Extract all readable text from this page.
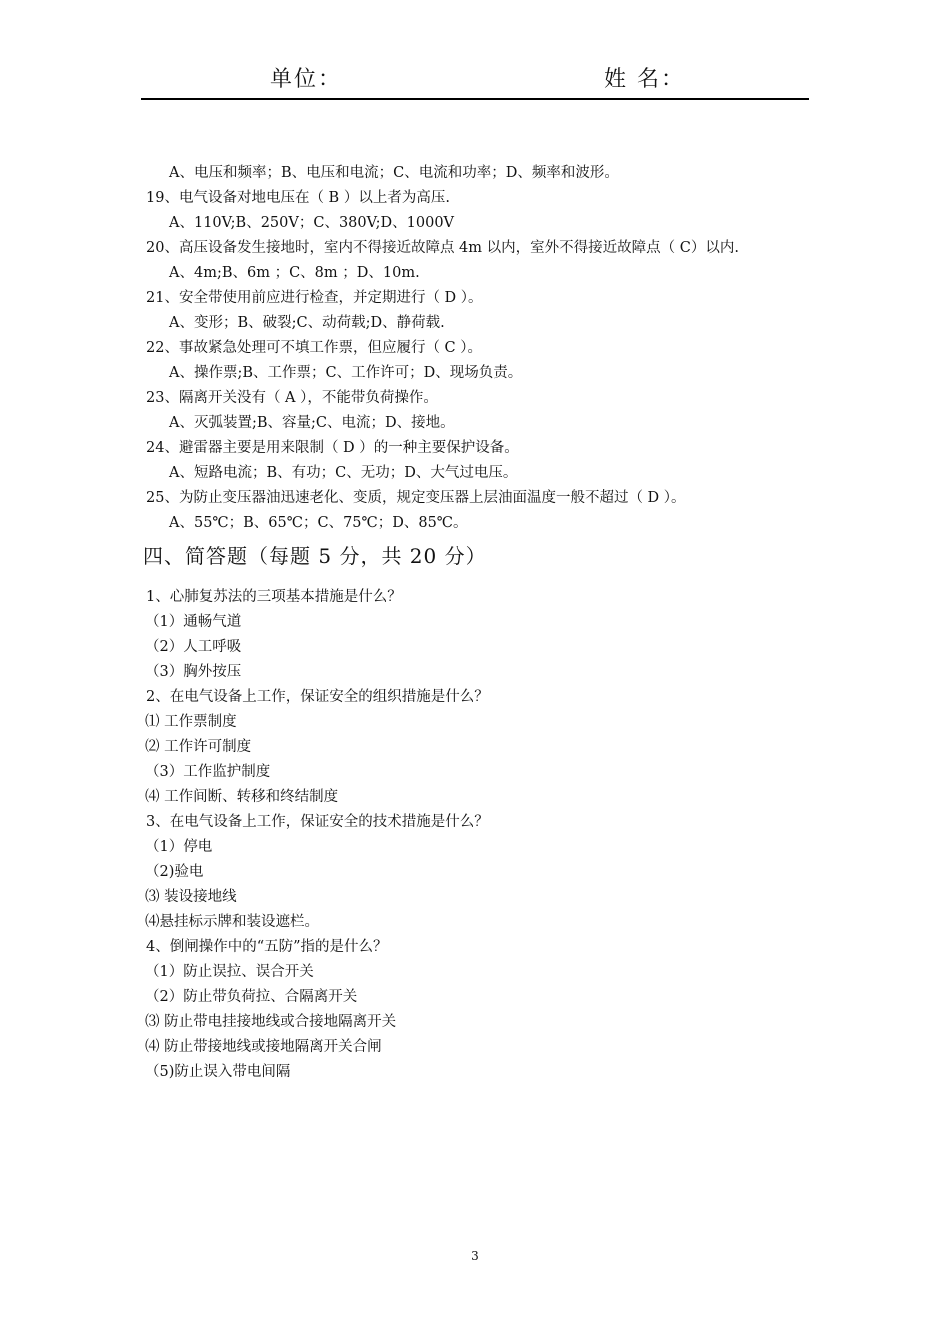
单位：	姓 名：
A、电压和频率；B、电压和电流；C、电流和功率；D、频率和波形。
19、电气设备对地电压在（ B ）以上者为高压.
A、110V;B、250V；C、380V;D、1000V
20、高压设备发生接地时，室内不得接近故障点 4m 以内，室外不得接近故障点（ C）以内.
A、4m;B、6m ；C、8m ；D、10m.
21、安全带使用前应进行检查，并定期进行（ D ）。
A、变形；B、破裂;C、动荷载;D、静荷载.
22、事故紧急处理可不填工作票，但应履行（ C ）。
A、操作票;B、工作票；C、工作许可；D、现场负责。
23、隔离开关没有（ A ），不能带负荷操作。
A、灭弧装置;B、容量;C、电流；D、接地。
24、避雷器主要是用来限制（ D ）的一种主要保护设备。
A、短路电流；B、有功；C、无功；D、大气过电压。
25、为防止变压器油迅速老化、变质，规定变压器上层油面温度一般不超过（ D ）。
A、55℃；B、65℃；C、75℃；D、85℃。
四、简答题（每题 5 分，共 20 分）
1、心肺复苏法的三项基本措施是什么？
（1）通畅气道
（2）人工呼吸
（3）胸外按压
2、在电气设备上工作，保证安全的组织措施是什么？
⑴ 工作票制度
⑵ 工作许可制度
（3）工作监护制度
⑷ 工作间断、转移和终结制度
3、在电气设备上工作，保证安全的技术措施是什么？
（1）停电
（2)验电
⑶ 装设接地线
⑷悬挂标示牌和装设遮栏。
4、倒闸操作中的“五防”指的是什么？
（1）防止误拉、误合开关
（2）防止带负荷拉、合隔离开关
⑶ 防止带电挂接地线或合接地隔离开关
⑷ 防止带接地线或接地隔离开关合闸
（5)防止误入带电间隔
3
